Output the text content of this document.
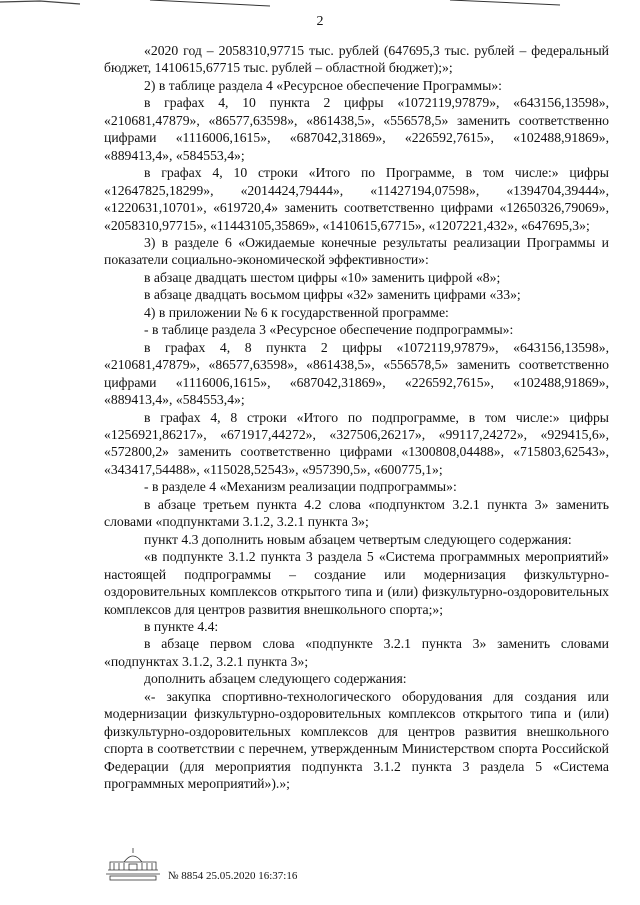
2

«2020 год – 2058310,97715 тыс. рублей (647695,3 тыс. рублей – федеральный бюджет, 1410615,67715 тыс. рублей – областной бюджет);»;

2) в таблице раздела 4 «Ресурсное обеспечение Программы»:

в графах 4, 10 пункта 2 цифры «1072119,97879», «643156,13598», «210681,47879», «86577,63598», «861438,5», «556578,5» заменить соответственно цифрами «1116006,1615», «687042,31869», «226592,7615», «102488,91869», «889413,4», «584553,4»;

в графах 4, 10 строки «Итого по Программе, в том числе:» цифры «12647825,18299», «2014424,79444», «11427194,07598», «1394704,39444», «1220631,10701», «619720,4» заменить соответственно цифрами «12650326,79069», «2058310,97715», «11443105,35869», «1410615,67715», «1207221,432», «647695,3»;

3) в разделе 6 «Ожидаемые конечные результаты реализации Программы и показатели социально-экономической эффективности»:

в абзаце двадцать шестом цифры «10» заменить цифрой «8»;

в абзаце двадцать восьмом цифры «32» заменить цифрами «33»;

4) в приложении № 6 к государственной программе:

- в таблице раздела 3 «Ресурсное обеспечение подпрограммы»:

в графах 4, 8 пункта 2 цифры «1072119,97879», «643156,13598», «210681,47879», «86577,63598», «861438,5», «556578,5» заменить соответственно цифрами «1116006,1615», «687042,31869», «226592,7615», «102488,91869», «889413,4», «584553,4»;

в графах 4, 8 строки «Итого по подпрограмме, в том числе:» цифры «1256921,86217», «671917,44272», «327506,26217», «99117,24272», «929415,6», «572800,2» заменить соответственно цифрами «1300808,04488», «715803,62543», «343417,54488», «115028,52543», «957390,5», «600775,1»;

- в разделе 4 «Механизм реализации подпрограммы»:

в абзаце третьем пункта 4.2 слова «подпунктом 3.2.1 пункта 3» заменить словами «подпунктами 3.1.2, 3.2.1 пункта 3»;

пункт 4.3 дополнить новым абзацем четвертым следующего содержания:

«в подпункте 3.1.2 пункта 3 раздела 5 «Система программных мероприятий» настоящей подпрограммы – создание или модернизация физкультурно-оздоровительных комплексов открытого типа и (или) физкультурно-оздоровительных комплексов для центров развития внешкольного спорта;»;

в пункте 4.4:

в абзаце первом слова «подпункте 3.2.1 пункта 3» заменить словами «подпунктах 3.1.2, 3.2.1 пункта 3»;

дополнить абзацем следующего содержания:

«- закупка спортивно-технологического оборудования для создания или модернизации физкультурно-оздоровительных комплексов открытого типа и (или) физкультурно-оздоровительных комплексов для центров развития внешкольного спорта в соответствии с перечнем, утвержденным Министерством спорта Российской Федерации (для мероприятия подпункта 3.1.2 пункта 3 раздела 5 «Система программных мероприятий»).»;

№ 8854 25.05.2020 16:37:16
